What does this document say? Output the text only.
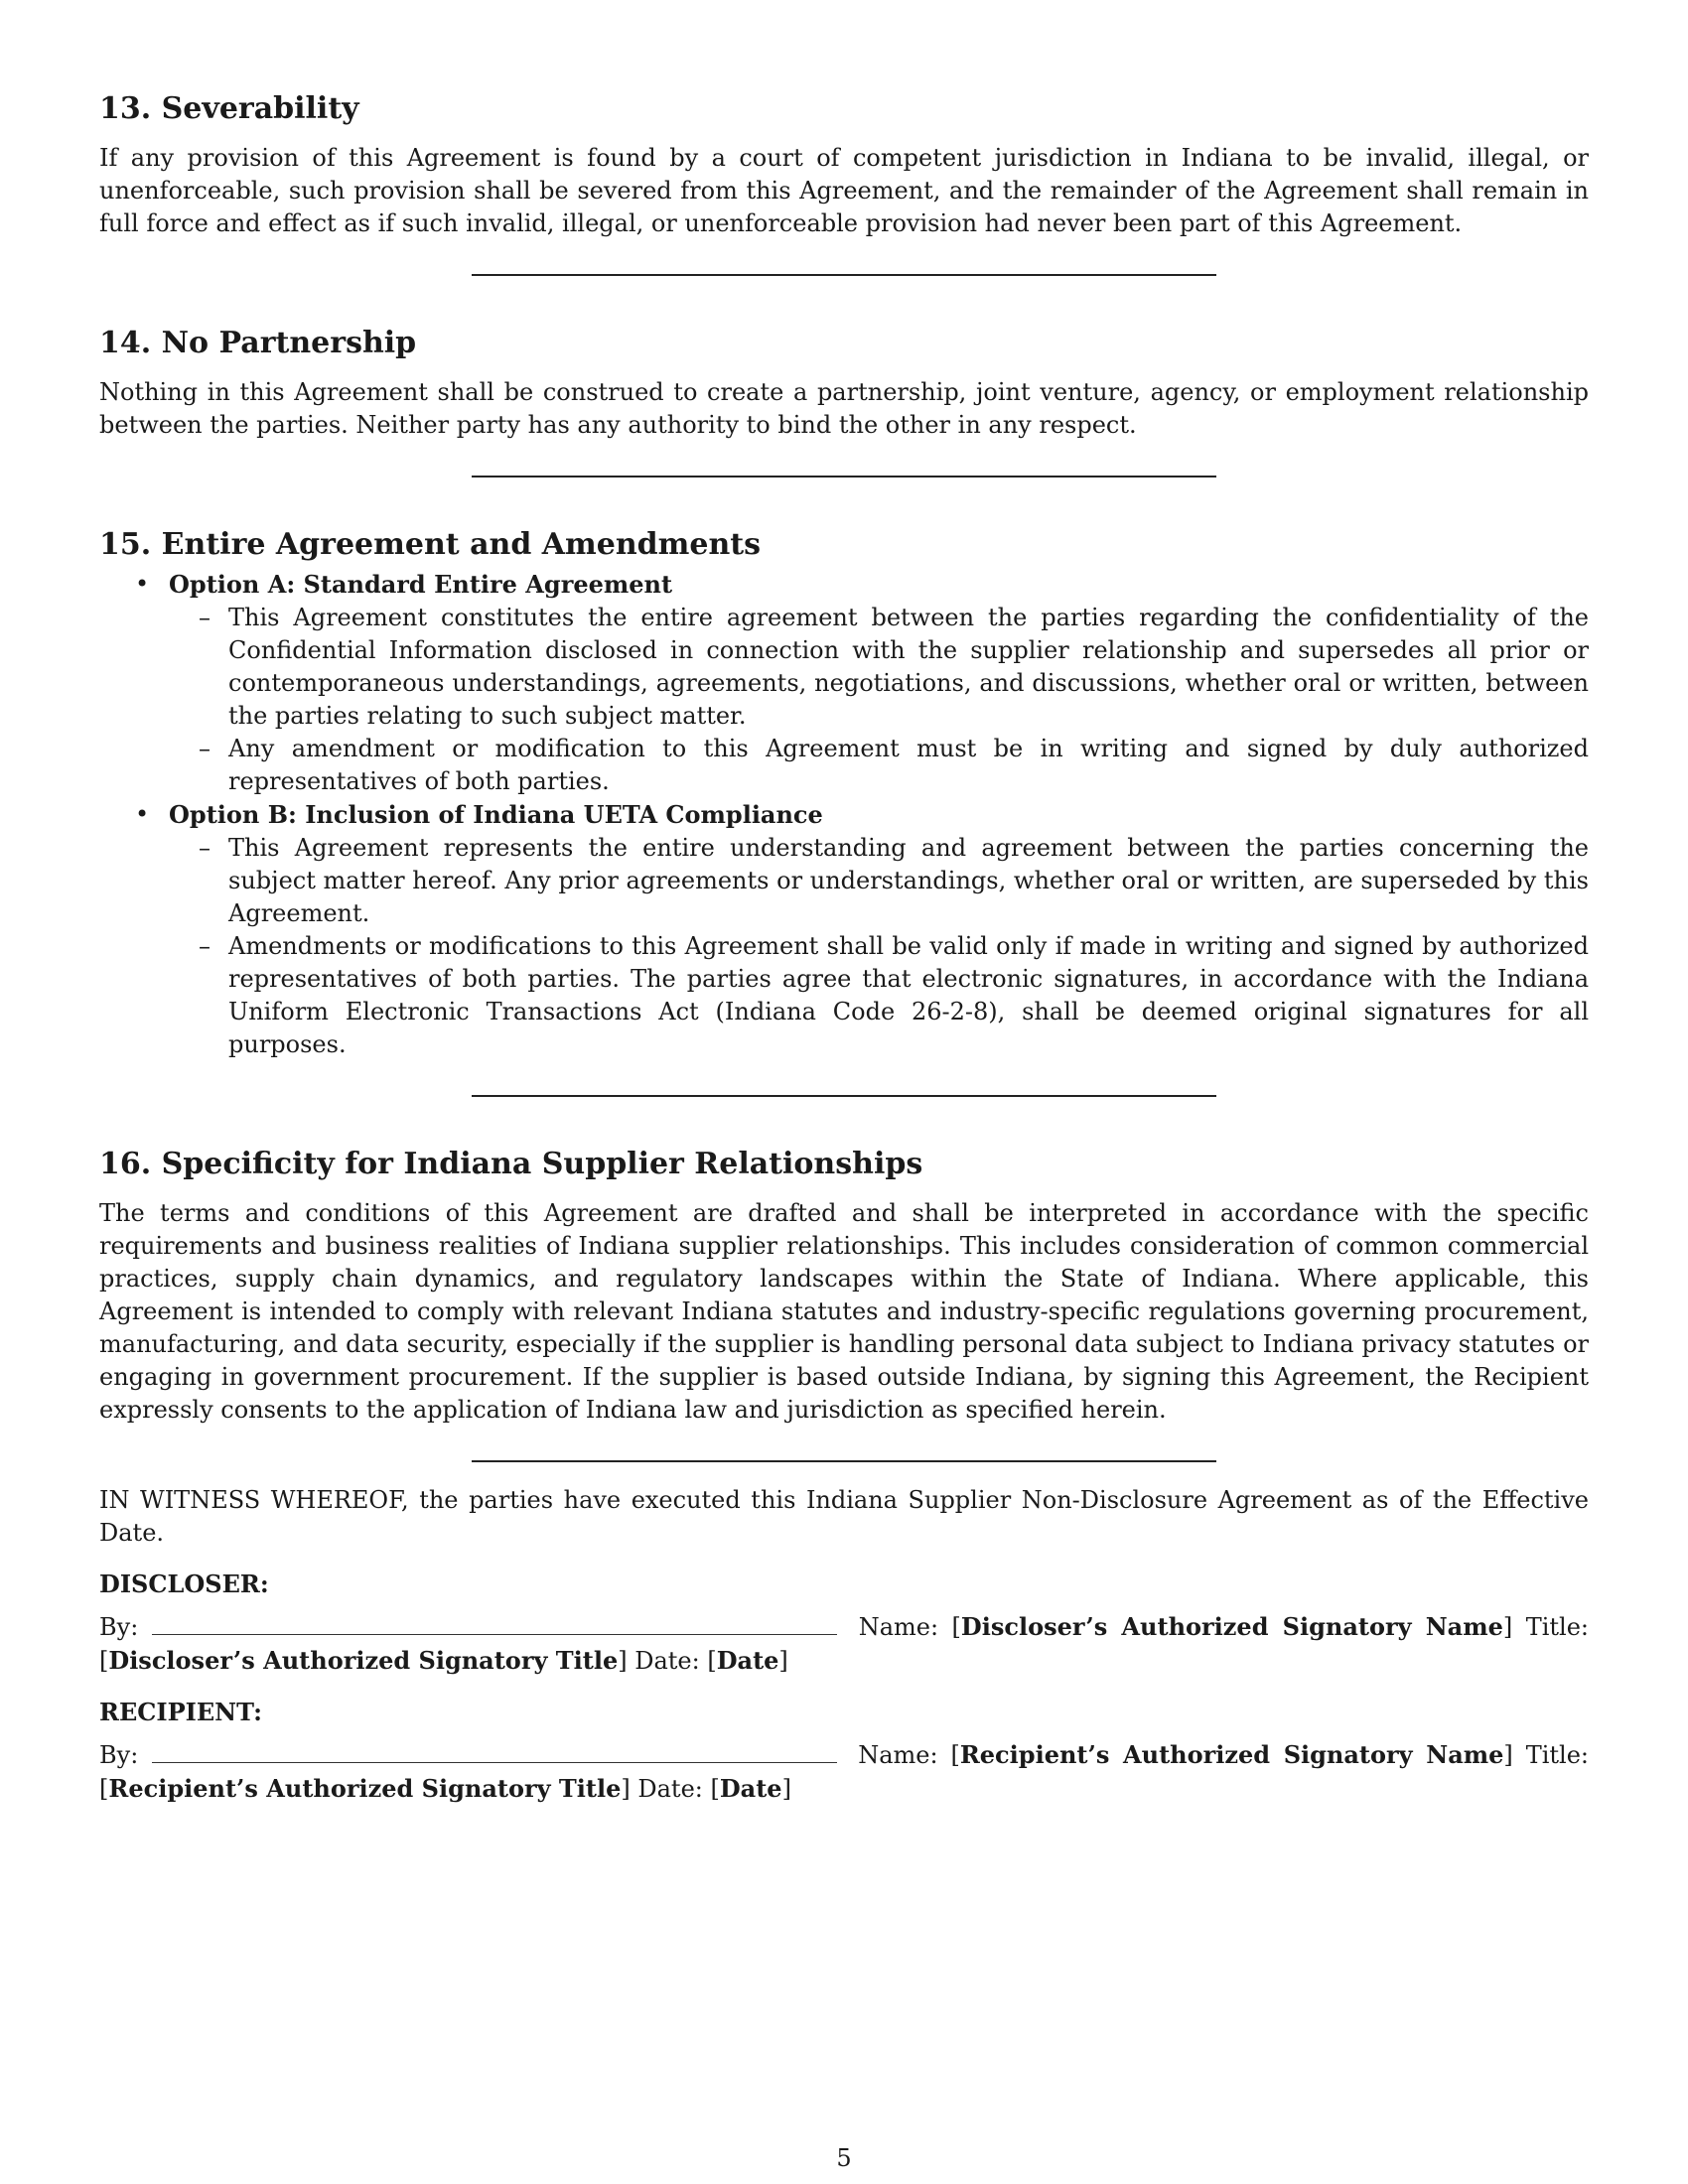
13. Severability

If any provision of this Agreement is found by a court of competent jurisdiction in Indiana to be invalid, illegal, or unenforceable, such provision shall be severed from this Agreement, and the remainder of the Agreement shall remain in full force and effect as if such invalid, illegal, or unenforceable provision had never been part of this Agreement.

14. No Partnership

Nothing in this Agreement shall be construed to create a partnership, joint venture, agency, or employment relationship between the parties. Neither party has any authority to bind the other in any respect.

15. Entire Agreement and Amendments
• Option A: Standard Entire Agreement
– This Agreement constitutes the entire agreement between the parties regarding the confidentiality of the Confidential Information disclosed in connection with the supplier relationship and supersedes all prior or contemporaneous understandings, agreements, negotiations, and discussions, whether oral or written, between the parties relating to such subject matter.
– Any amendment or modification to this Agreement must be in writing and signed by duly authorized representatives of both parties.
• Option B: Inclusion of Indiana UETA Compliance
– This Agreement represents the entire understanding and agreement between the parties concerning the subject matter hereof. Any prior agreements or understandings, whether oral or written, are superseded by this Agreement.
– Amendments or modifications to this Agreement shall be valid only if made in writing and signed by authorized representatives of both parties. The parties agree that electronic signatures, in accordance with the Indiana Uniform Electronic Transactions Act (Indiana Code 26-2-8), shall be deemed original signatures for all purposes.
16. Specificity for Indiana Supplier Relationships

The terms and conditions of this Agreement are drafted and shall be interpreted in accordance with the specific requirements and business realities of Indiana supplier relationships. This includes consideration of common commercial practices, supply chain dynamics, and regulatory landscapes within the State of Indiana. Where applicable, this Agreement is intended to comply with relevant Indiana statutes and industry-specific regulations governing procurement, manufacturing, and data security, especially if the supplier is handling personal data subject to Indiana privacy statutes or engaging in government procurement. If the supplier is based outside Indiana, by signing this Agreement, the Recipient expressly consents to the application of Indiana law and jurisdiction as specified herein.

IN WITNESS WHEREOF, the parties have executed this Indiana Supplier Non-Disclosure Agreement as of the Effective Date.

DISCLOSER:
By:	Name: [Discloser’s Authorized Signatory Name] Title: [Discloser’s Authorized Signatory Title] Date: [Date]
RECIPIENT:
By:	Name: [Recipient’s Authorized Signatory Name] Title: [Recipient’s Authorized Signatory Title] Date: [Date]
5
